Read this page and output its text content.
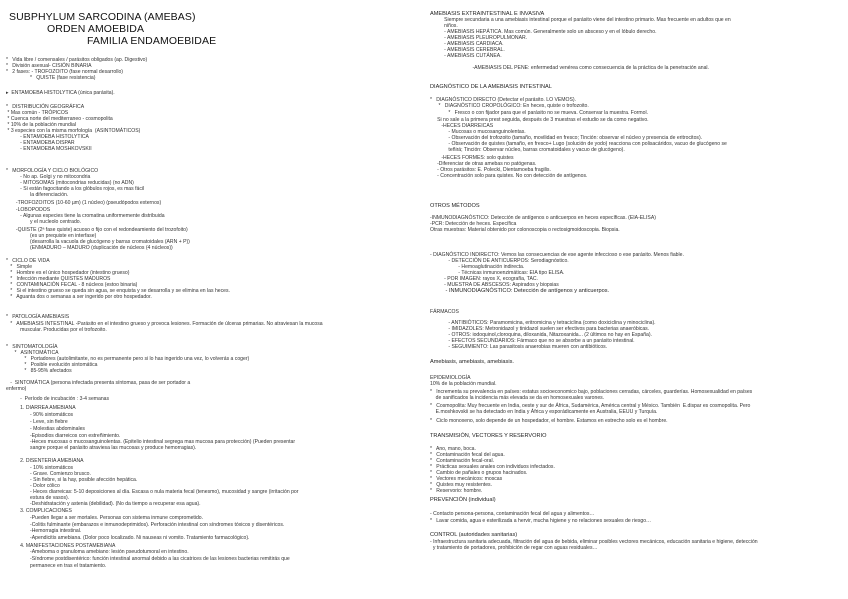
SUBPHYLUM SARCODINA (AMEBAS)
ORDEN AMOEBIDA
FAMILIA ENDAMOEBIDAE
*   Vida libre / comensales / parásitos obligados (ap. Digestivo)
*   División asexual- CISIÓN BINARIA
*   2 fases: - TROFOZOITO (fase normal desarrollo)
*   QUISTE (fase resistencia)
▸  ENTAMOEBA HISTOLYTICA (única parásita).
*   DISTRIBUCIÓN GEOGRÁFICA
* Mas común - TRÓPICOS
* Cuenca norte del mediterraneo - cosmopolita
* 10% de la población mundial
* 3 especies con la misma morfología  (ASINTOMÁTICOS)
- ENTAMOEBA HISTOLYTICA
- ENTAMOEBA DISPAR
- ENTAMOEBA MOSHKOVSKII
*   MORFOLOGÍA Y CICLO BIOLÓGICO
- No ap. Golgi y no mitocondria
- MITOSOMAS (mitocondrias reducidas) (no ADN)
- Si están fagocitando a los glóbulos rojos, es mas fácil
la diferenciación.
-TROFOZOITOS (10-60 µm) (1 núcleo) (pseudópodos externos)
-LOBOPODOS
- Algunas especies tiene la cromatina uniformemente distribuida
y el nucleolo centrado.
-QUISTE (2ª fase quiste) acuoso o fijo con el redondeamiento del trozofoito)
(es un prequiste en interfase)
(desarrolla la vacuola de glucógeno y barras cromatoidales (ARN + P))
(ENMADURO – MADURO (duplicación de núcleos (4 núcleos))
*   CICLO DE VIDA
*   Simple
*   Hombre es el único hospedador (intestino grueso)
*   Infección mediante QUISTES MADUROS
*   CONTAMINACIÓN FECAL - 8 núcleos (estoo binaria)
*   Si el intestino grueso se queda sin agua, se enquista y se desarrolla y se elimina en las heces.
*   Aguanta dos o semanas a ser ingerido por otro hospedador.
*   PATOLOGÍA AMEBIASIS
*   AMEBIASIS INTESTINAL -Parásito en el intestino grueso y provoca lesiones. Formación de úlceras primarias. No atraviesan la mucosa
muscular. Producidas por el trofozoito.
*   SINTOMATOLOGÍA
*   ASINTOMÁTICA
*   Portadores (autolimitante, no es permanente pero si lo has ingerido una vez, lo volverás a coger)
*   Posible evolución sintomática
*   85-95% afectados
-  SINTOMÁTICA (persona infectada presenta síntomas, pasa de ser portador a
enfermo)
-  Período de incubación : 3-4 semanas
1. DIARREA AMEBIANA
- 90% sintomáticos
- Leve, sin fiebre
- Molestias abdominales
-Episodios diarreicos con estreñimiento.
-Heces mucosas o mucosanguinolentas. (Epitelio intestinal segrega mas mucosa para protección) (Pueden presentar
sangre porque el parásito atraviesa las mucosas y produce hemorragias).
2. DISENTERIA AMEBIANA
- 10% sintomáticos
- Grave. Comienzo brusco.
- Sin fiebre, si la hay, posible afección hepática.
- Dolor cólico
- Heces diarreicas: 5-10 deposiciones al día. Escasa o nula materia fecal (tenesmo), mucosidad y sangre (irritación por
estura de vasos).
-Deshidratación y astenia (debilidad). (No da tiempo a recuperar esa agua).
3. COMPLICACIONES
-Pueden llegar a ser mortales. Personas con sistema inmune comprometido.
-Colitis fulminante (embarazos e inmunodeprimidos). Perforación intestinal con síndromes tóxicos y disentéricos.
-Hemorragia intestinal.
-Apendicitis amebiana. (Dolor poco localizado. Ni nauseas ni vomito. Tratamiento farmacológico).
4. MANIFESTACIONES POSTAMEBIANA
-Ameboma o granuloma amebiano: lesión pseudotumoral en intestino.
-Síndrome postdisentérico: función intestinal anormal debido a las cicatrices de las lesiones bacterias remitirás que
permanece en tras el tratamiento.
AMEBIASIS EXTRAINTESTINAL E INVASIVA
Siempre secundaria a una amebiasis intestinal porque el parásito viene del intestino primario. Mas frecuente en adultos que en
niños.
- AMEBIASIS HEPÁTICA. Mas común. Generalmente solo un absceso y en el lóbulo derecho.
- AMEBIASIS PLEUROPULMONAR.
- AMEBIASIS CARDIACA.
- AMEBIASIS CEREBRAL.
- AMEBIASIS CUTÁNEA.
-AMEBIASIS DEL PENE: enfermedad venérea como consecuencia de la práctica de la penetración anal.
DIAGNÓSTICO DE LA AMEBIASIS INTESTINAL
*   DIAGNÓSTICO DIRECTO (Detectar el parásito. LO VEMOS).
*   DIAGNÓSTICO CROPOLÓGICO: En heces, quiste o trofozoito.
*   Fresco o con fijador para que el parásito no se mueva. Conservar la muestra. Formol.
Si no sale a la primera prest seguida, después de 3 muestras el estudio se da como negativo.
-HECES DIARREICAS
- Mucosas o mucosanguinolentas.
- Observación del trofozoito (tamaño, movilidad en fresco; Tinción: observar el núcleo y presencia de eritrocitos).
- Observación de quistes (tamaño, en fresco+ Lugo (solución de yodo) reacciona con polisacáridos, vacuo de glucógeno se
teñirá; Tinción: Observar núcleo, barras cromatoidales y vacuo de glucógeno).
-HECES FORMES: solo quistes
-Diferenciar de otras amebas no patógenas.
- Otros parásitos: E. Polecki, Dientamoeba fragilis.
- Concentración solo para quistes. No con detección de antígenos.
OTROS MÉTODOS
-INMUNODIAGNÓSTICO: Detección de antígenos o anticuerpos en heces específicas. (EIA-ELISA)
-PCR: Detección de heces. Específica
Otras muestras: Material obtenido por colonoscopia o rectosigmoidoscopia. Biopsia.
- DIAGNÓSTICO INDIRECTO: Vemos las consecuencias de ese agente infeccioso o ese parásito. Menos fiable.
- DETECCIÓN DE ANTICUERPOS: Serodiagnóstico.
- Hemoaglutinación indirecta.
- Técnicas inmunoenzimáticas: EIA tipo ELISA.
- POR IMAGEN: rayos X, ecografía, TAC.
- MUESTRA DE ABSCESOS: Aspirados y biopsias
- INMUNODIAGNÓSTICO: Detección de antígenos y anticuerpos.
FÁRMACOS
- ANTIBIÓTICOS: Paramomicina, eritromicina y tetraciclina (como doxiciclina y minociclina).
- IMIDAZOLES: Metronidazol y tinidazol suelen ser efectivos para bacterias anaeróbicas.
- OTROS: iodoquinol,cloroquina, diloxanida, Nitazoxanida... (2 últimos no hay en España).
- EFECTOS SECUNDARIOS: Fármaco que no se absorbe a un parásito intestinal.
- SEGUIMIENTO: Las parasitosis anaerobias mueren con antibióticos.
Amebiasis, amebiasis, amebiasis.
EPIDEMIOLOGÍA
10% de la población mundial.
*   Incrementa su prevalencia en países: estatus socioeconomico bajo, poblaciones cerradas, cárceles, guarderías. Homosexualidad en países
de sanificados la incidencia más elevada se da en homosexuales varones.
*   Cosmopolita: Muy frecuente en India, oeste y sur de África, Sudamérica, América central y México. También  E.dispar es cosmopolita. Pero
E.moshkovskii se ha detectado en India y África y esporádicamente en Australia, EEUU y Turquía.
*   Ciclo monoxeno, solo depende de un hospedador, el hombre. Estamos en estrecho solo es el hombre.
TRANSMISIÓN, VECTORES Y RESERVORIO
*   Ano, mano, boca.
*   Contaminación fecal del agua.
*   Contaminación fecal-oral.
*   Prácticas sexuales anales con individuos infectados.
*   Cambio de pañales o grupos hacinados.
*   Vectores mecánicos: moscas
*   Quistes muy resistentes.
*   Reservorio: hombre.
PREVENCIÓN (individual)
- Contacto persona-persona, contaminación fecal del agua y alimentos…
*   Lavar comida, agua e esterilizada a hervir, mucha higiene y no relaciones sexuales de riesgo…
CONTROL (autoridades sanitarias)
- Infraestructura sanitaria adecuada, filtración del agua de bebida, eliminar posibles vectores mecánicos, educación sanitaria e higiene, detección
y tratamiento de portadores, prohibición de regar con aguas residuales…
